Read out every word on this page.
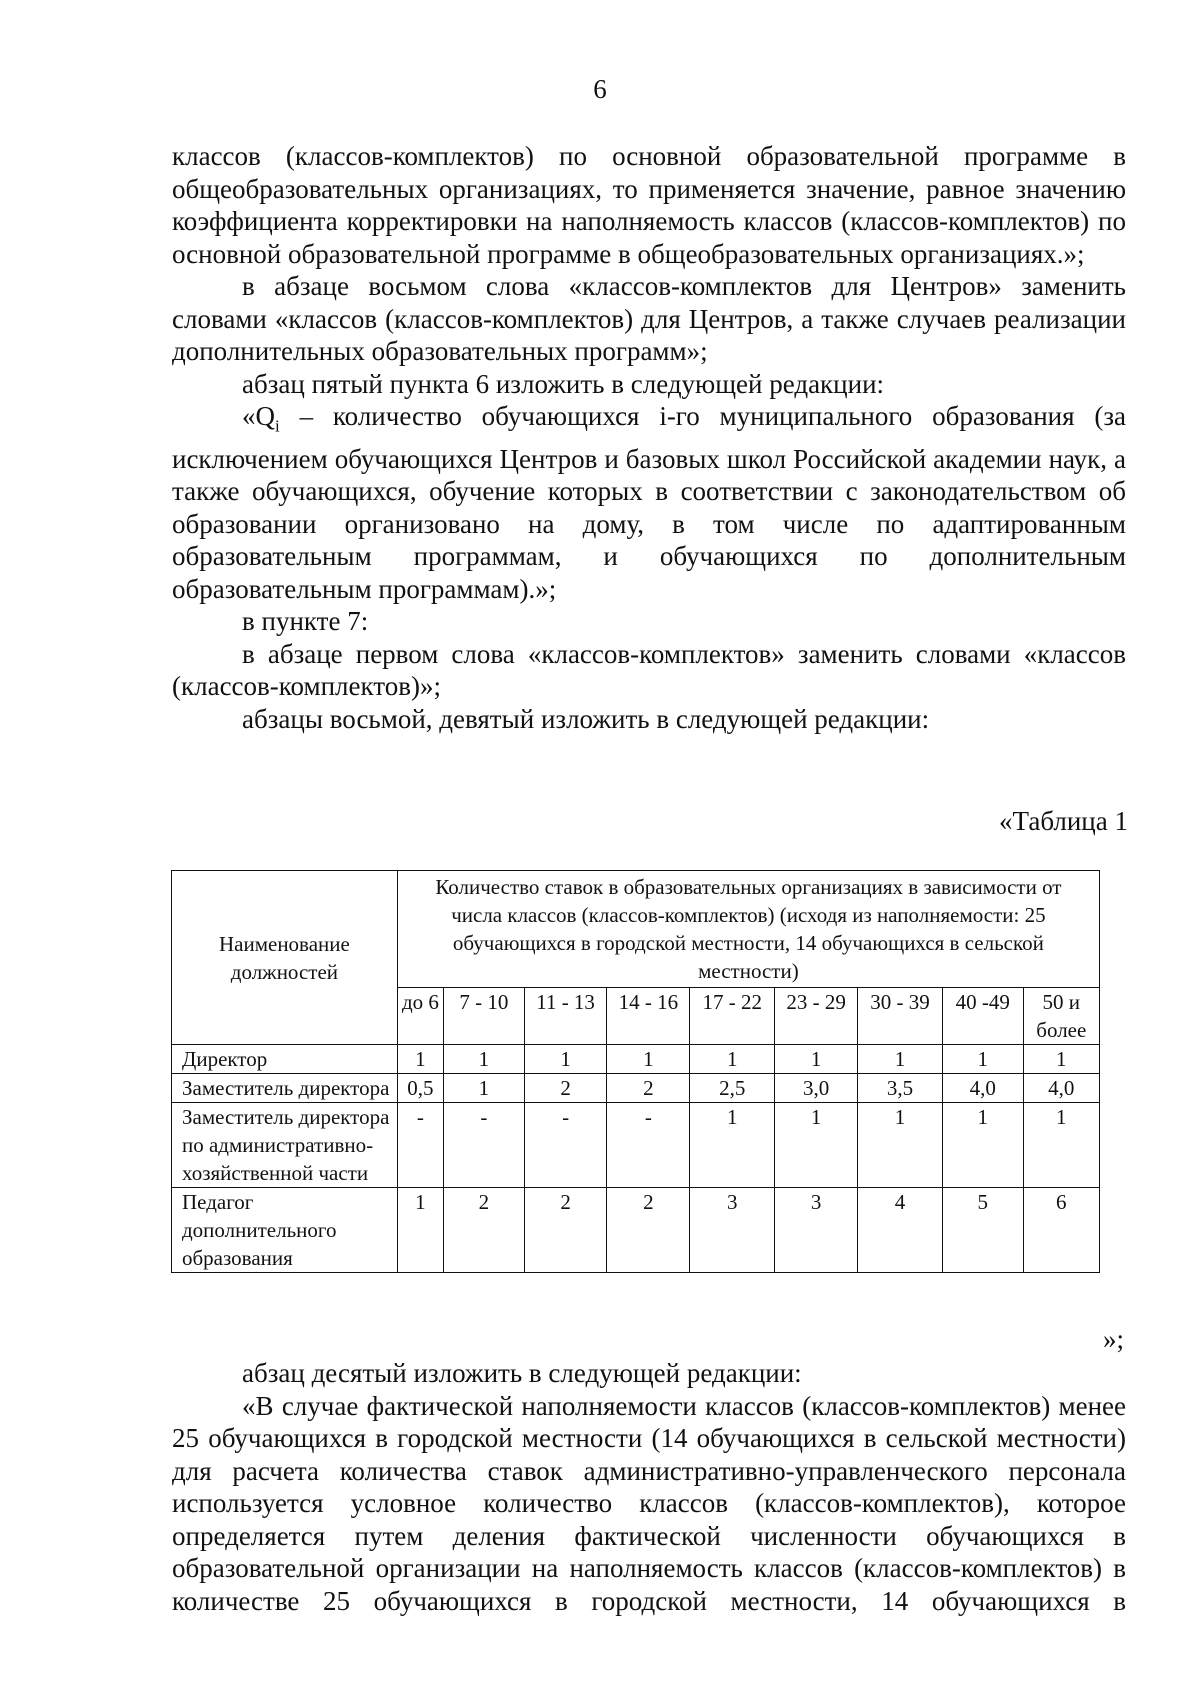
6

классов (классов-комплектов) по основной образовательной программе в общеобразовательных организациях, то применяется значение, равное значению коэффициента корректировки на наполняемость классов (классов-комплектов) по основной образовательной программе в общеобразовательных организациях.»;

в абзаце восьмом слова «классов-комплектов для Центров» заменить словами «классов (классов-комплектов) для Центров, а также случаев реализации дополнительных образовательных программ»;

абзац пятый пункта 6 изложить в следующей редакции:

«$Q_i$ – количество обучающихся i-го муниципального образования (за исключением обучающихся Центров и базовых школ Российской академии наук, а также обучающихся, обучение которых в соответствии с законодательством об образовании организовано на дому, в том числе по адаптированным образовательным программам, и обучающихся по дополнительным образовательным программам).»;

в пункте 7:

в абзаце первом слова «классов-комплектов» заменить словами «классов (классов-комплектов)»;

абзацы восьмой, девятый изложить в следующей редакции:

«Таблица 1
Наименование должностей	Количество ставок в образовательных организациях в зависимости от числа классов (классов-комплектов) (исходя из наполняемости: 25 обучающихся в городской местности, 14 обучающихся в сельской местности)								
	до 6	7 - 10	11 - 13	14 - 16	17 - 22	23 - 29	30 - 39	40 -49	50 и более
Директор	1	1	1	1	1	1	1	1	1
Заместитель директора	0,5	1	2	2	2,5	3,0	3,5	4,0	4,0
Заместитель директора по административно-хозяйственной части	-	-	-	-	1	1	1	1	1
Педагог дополнительного образования	1	2	2	2	3	3	4	5	6
»;

абзац десятый изложить в следующей редакции:

«В случае фактической наполняемости классов (классов-комплектов) менее 25 обучающихся в городской местности (14 обучающихся в сельской местности) для расчета количества ставок административно-управленческого персонала используется условное количество классов (классов-комплектов), которое определяется путем деления фактической численности обучающихся в образовательной организации на наполняемость классов (классов-комплектов) в количестве 25 обучающихся в городской местности, 14 обучающихся в
